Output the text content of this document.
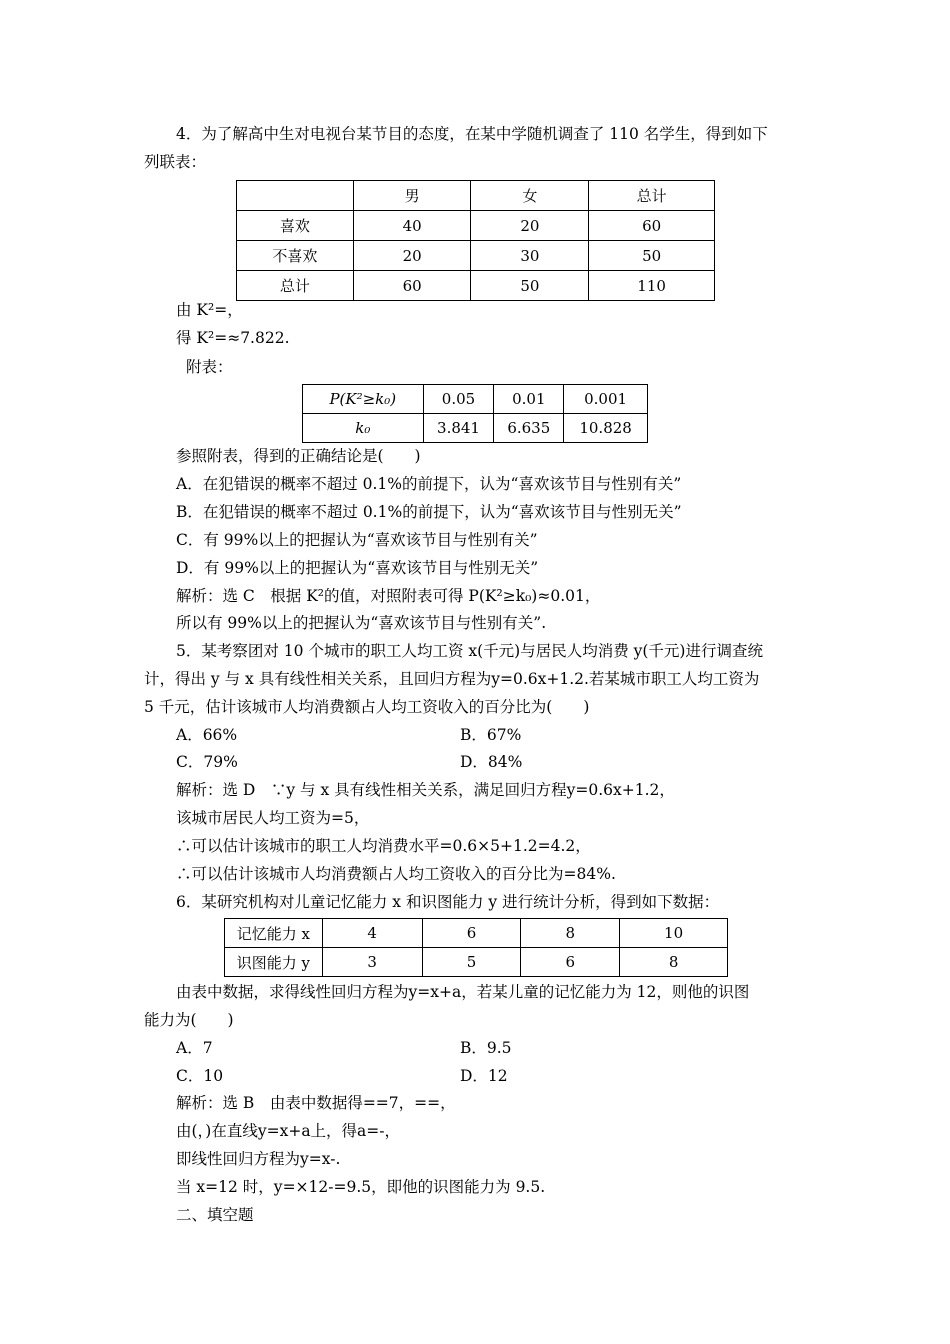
4．为了解高中生对电视台某节目的态度，在某中学随机调查了 110 名学生，得到如下
列联表：
	男	女	总计
喜欢	40	20	60
不喜欢	20	30	50
总计	60	50	110
由 K²=，
得 K²=≈7.822.
附表：
P(K²≥k₀)	0.05	0.01	0.001
k₀	3.841	6.635	10.828
参照附表，得到的正确结论是(　　)
A．在犯错误的概率不超过 0.1%的前提下，认为“喜欢该节目与性别有关”
B．在犯错误的概率不超过 0.1%的前提下，认为“喜欢该节目与性别无关”
C．有 99%以上的把握认为“喜欢该节目与性别有关”
D．有 99%以上的把握认为“喜欢该节目与性别无关”
解析：选 C　根据 K²的值，对照附表可得 P(K²≥k₀)≈0.01，
所以有 99%以上的把握认为“喜欢该节目与性别有关”.
5．某考察团对 10 个城市的职工人均工资 x(千元)与居民人均消费 y(千元)进行调查统
计，得出 y 与 x 具有线性相关关系，且回归方程为y=0.6x+1.2.若某城市职工人均工资为
5 千元，估计该城市人均消费额占人均工资收入的百分比为(　　)
A．66%	B．67%
C．79%	D．84%
解析：选 D　∵y 与 x 具有线性相关关系，满足回归方程y=0.6x+1.2，
该城市居民人均工资为=5，
∴可以估计该城市的职工人均消费水平=0.6×5+1.2=4.2，
∴可以估计该城市人均消费额占人均工资收入的百分比为=84%.
6．某研究机构对儿童记忆能力 x 和识图能力 y 进行统计分析，得到如下数据：
记忆能力 x	4	6	8	10
识图能力 y	3	5	6	8
由表中数据，求得线性回归方程为y=x+a，若某儿童的记忆能力为 12，则他的识图
能力为(　　)
A．7	B．9.5
C．10	D．12
解析：选 B　由表中数据得==7，==，
由(，)在直线y=x+a上，得a=-，
即线性回归方程为y=x-.
当 x=12 时，y=×12-=9.5，即他的识图能力为 9.5.
二、填空题
